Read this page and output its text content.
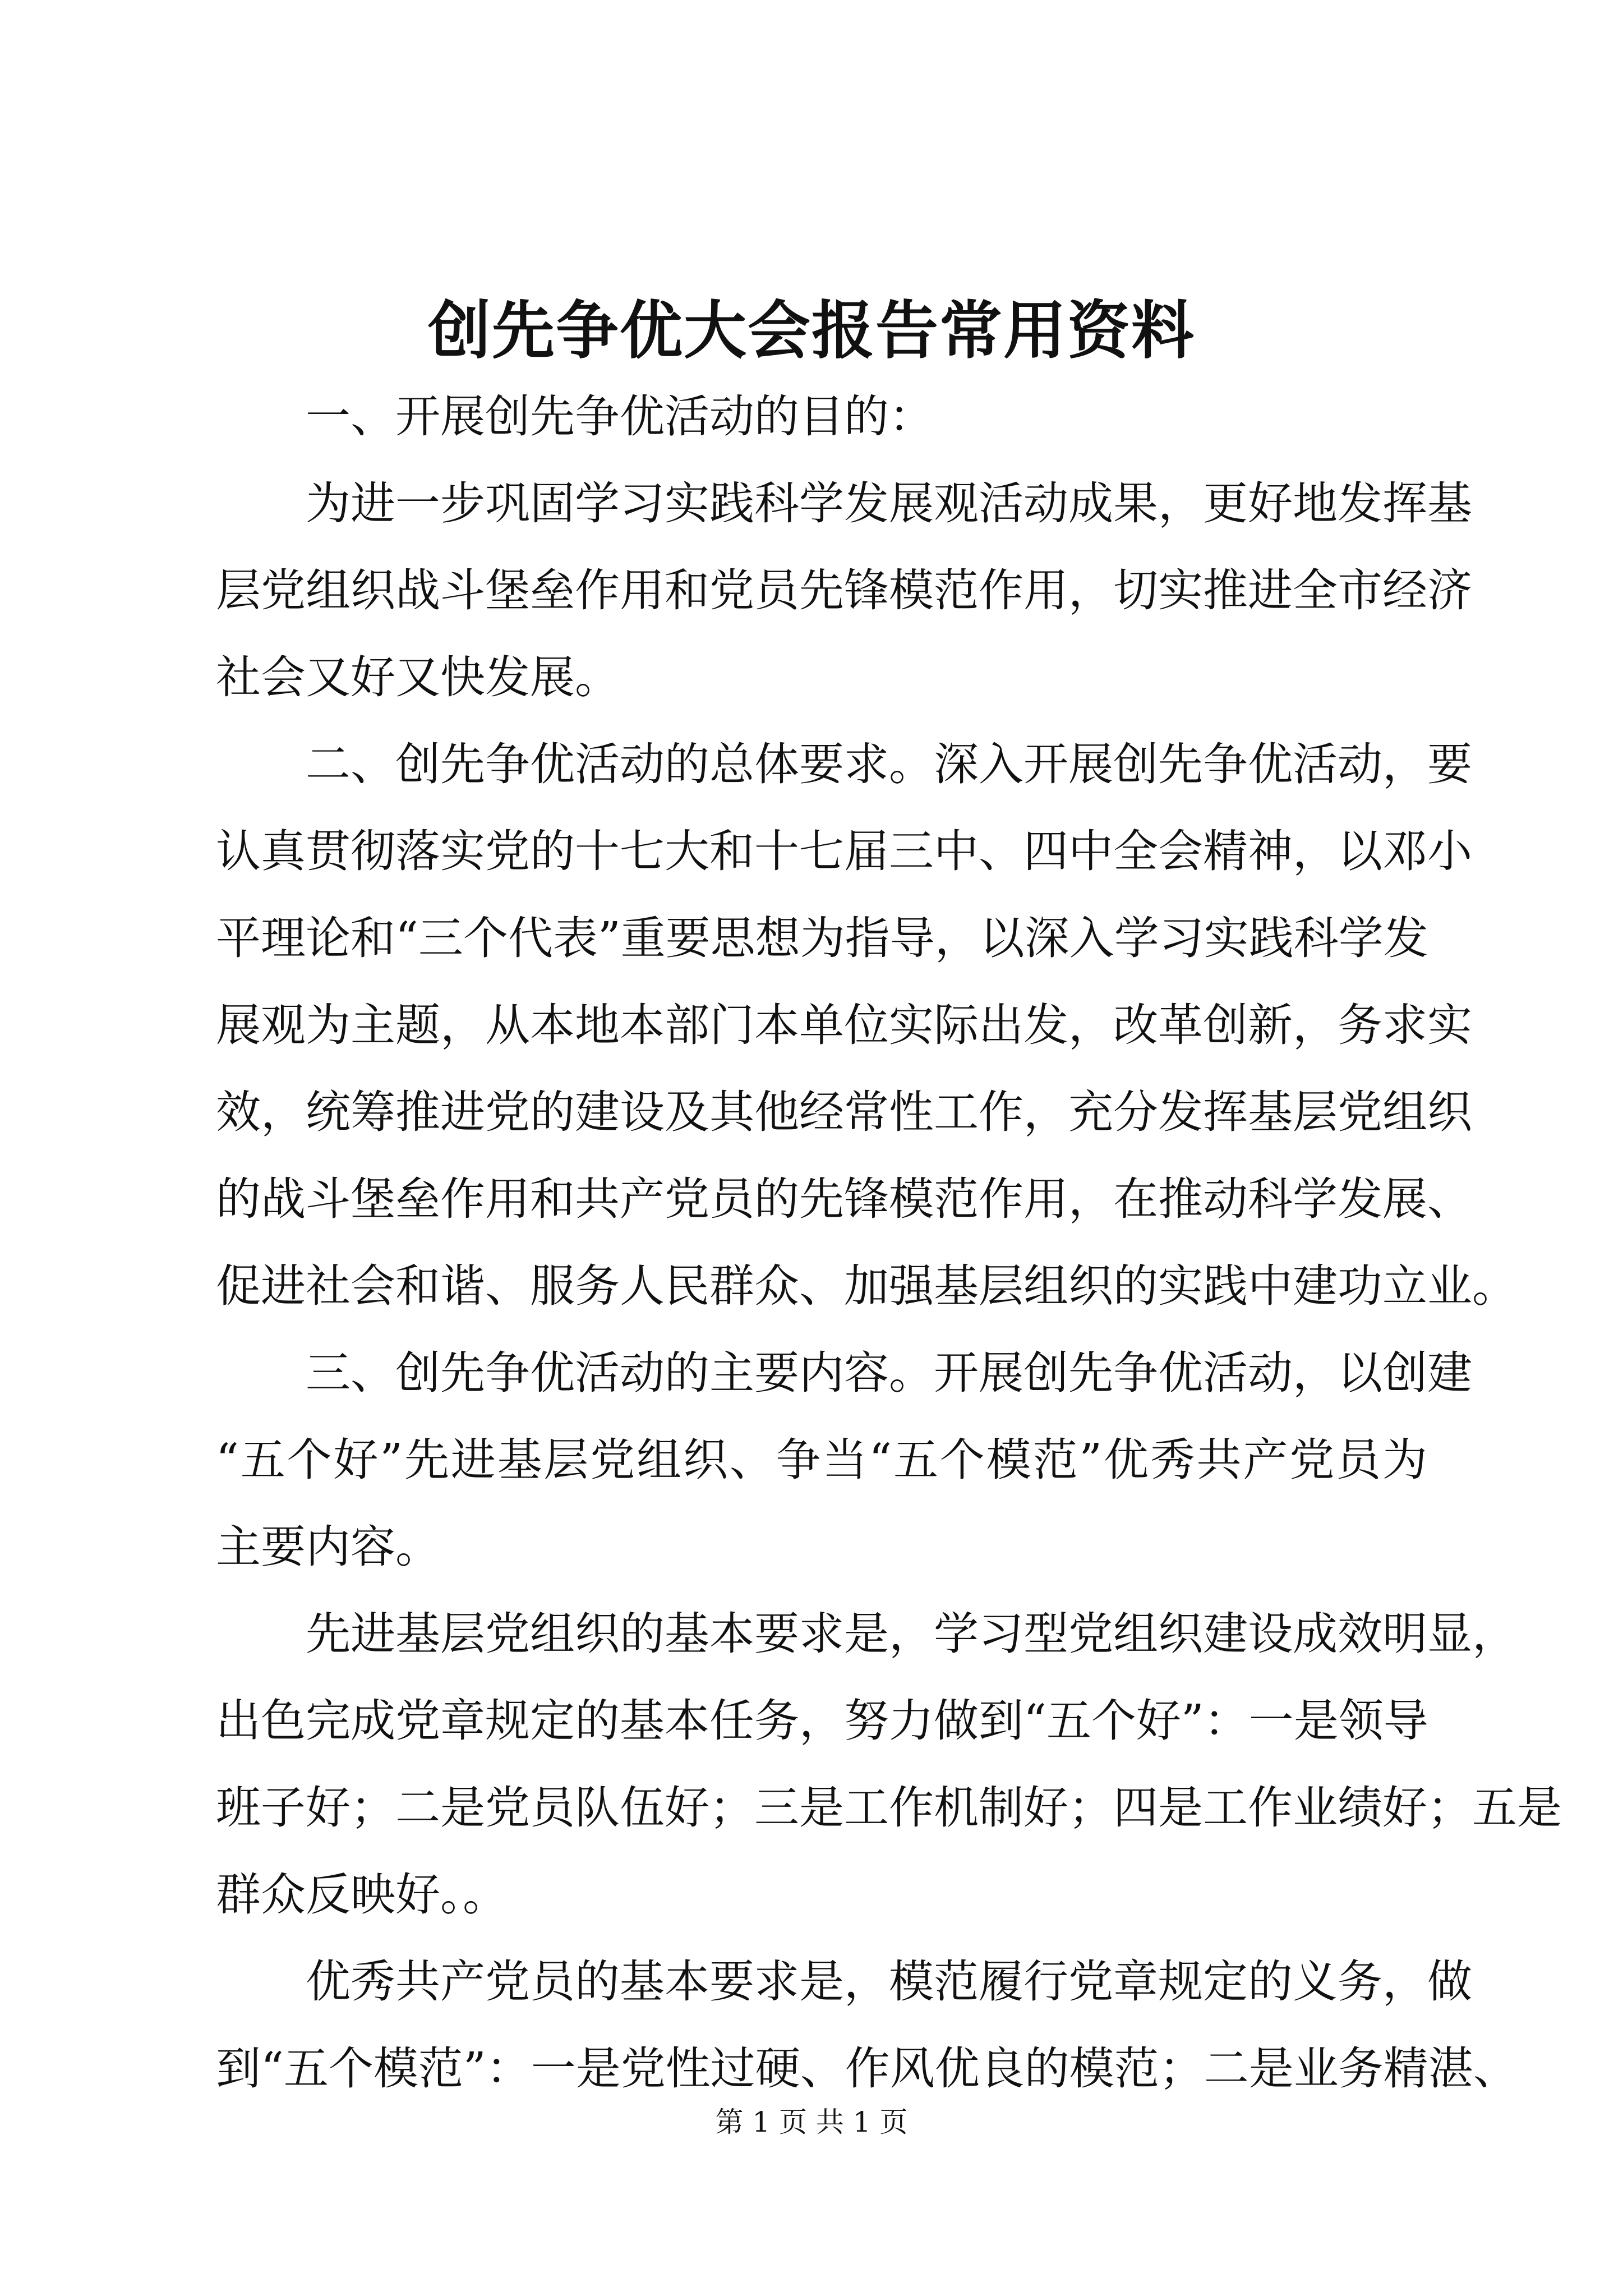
创先争优大会报告常用资料
一、开展创先争优活动的目的：
为进一步巩固学习实践科学发展观活动成果，更好地发挥基
层党组织战斗堡垒作用和党员先锋模范作用，切实推进全市经济
社会又好又快发展。
二、创先争优活动的总体要求。深入开展创先争优活动，要
认真贯彻落实党的十七大和十七届三中、四中全会精神，以邓小
平理论和“三个代表”重要思想为指导，以深入学习实践科学发
展观为主题，从本地本部门本单位实际出发，改革创新，务求实
效，统筹推进党的建设及其他经常性工作，充分发挥基层党组织
的战斗堡垒作用和共产党员的先锋模范作用，在推动科学发展、
促进社会和谐、服务人民群众、加强基层组织的实践中建功立业。
三、创先争优活动的主要内容。开展创先争优活动，以创建
“五个好”先进基层党组织、争当“五个模范”优秀共产党员为
主要内容。
先进基层党组织的基本要求是，学习型党组织建设成效明显，
出色完成党章规定的基本任务，努力做到“五个好”：一是领导
班子好；二是党员队伍好；三是工作机制好；四是工作业绩好；五是
群众反映好。。
优秀共产党员的基本要求是，模范履行党章规定的义务，做
到“五个模范”：一是党性过硬、作风优良的模范；二是业务精湛、
第 1 页 共 1 页
